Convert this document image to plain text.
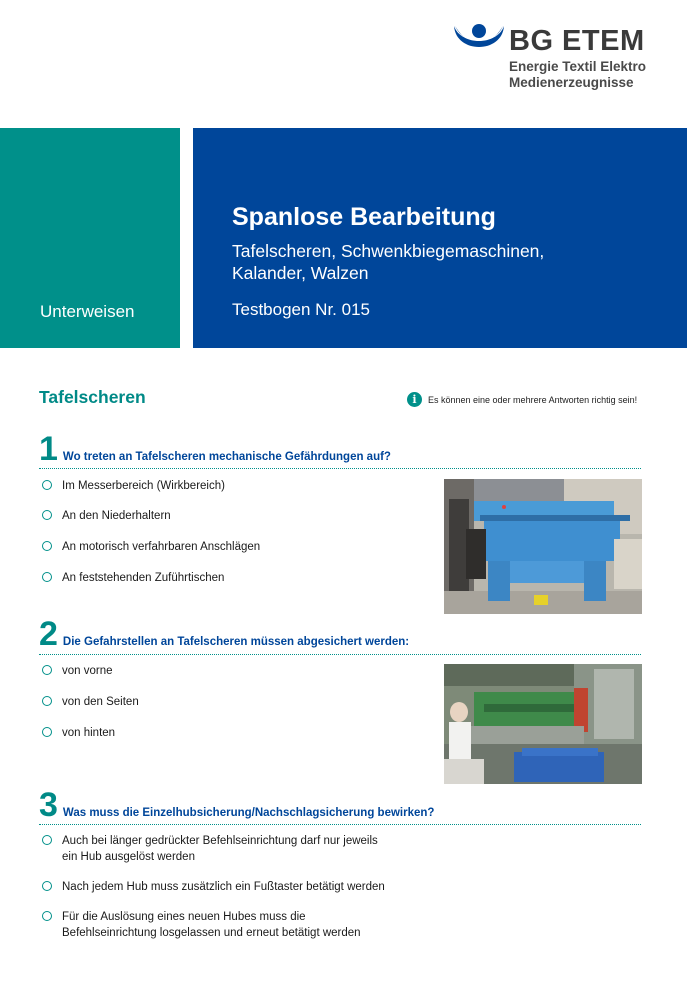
BG ETEM
Energie Textil Elektro
Medienerzeugnisse
Unterweisen
Spanlose Bearbeitung
Tafelscheren, Schwenkbiegemaschinen,
Kalander, Walzen
Testbogen Nr. 015
Tafelscheren	i	Es können eine oder mehrere Antworten richtig sein!
1 Wo treten an Tafelscheren mechanische Gefährdungen auf?
Im Messerbereich (Wirkbereich)
An den Niederhaltern
An motorisch verfahrbaren Anschlägen
An feststehenden Zuführtischen
2 Die Gefahrstellen an Tafelscheren müssen abgesichert werden:
von vorne
von den Seiten
von hinten
3 Was muss die Einzelhubsicherung/Nachschlagsicherung bewirken?
Auch bei länger gedrückter Befehlseinrichtung darf nur jeweils
ein Hub ausgelöst werden
Nach jedem Hub muss zusätzlich ein Fußtaster betätigt werden
Für die Auslösung eines neuen Hubes muss die
Befehlseinrichtung losgelassen und erneut betätigt werden
